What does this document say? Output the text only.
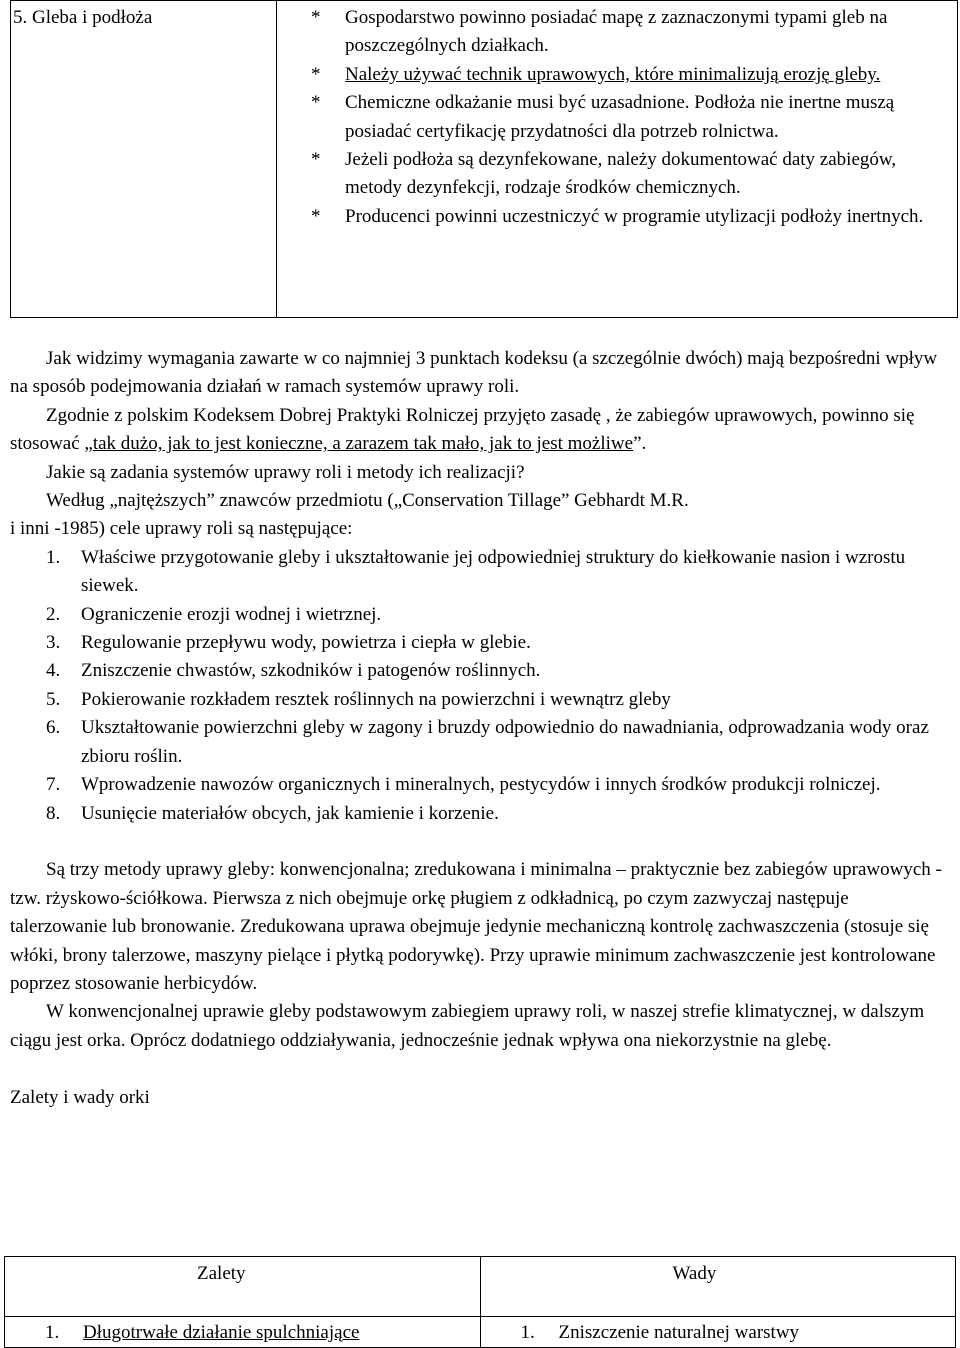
5. Gleba i podłoża	* Gospodarstwo powinno posiadać mapę z zaznaczonymi typami gleb na poszczególnych działkach.
* Należy używać technik uprawowych, które minimalizują erozję gleby.
* Chemiczne odkażanie musi być uzasadnione. Podłoża nie inertne muszą posiadać certyfikację przydatności dla potrzeb rolnictwa.
* Jeżeli podłoża są dezynfekowane, należy dokumentować daty zabiegów, metody dezynfekcji, rodzaje środków chemicznych.
* Producenci powinni uczestniczyć w programie utylizacji podłoży inertnych.

Jak widzimy wymagania zawarte w co najmniej 3 punktach kodeksu (a szczególnie dwóch) mają bezpośredni wpływ na sposób podejmowania działań w ramach systemów uprawy roli.

Zgodnie z polskim Kodeksem Dobrej Praktyki Rolniczej przyjęto zasadę , że zabiegów uprawowych, powinno się stosować „tak dużo, jak to jest konieczne, a zarazem tak mało, jak to jest możliwe”.

Jakie są zadania systemów uprawy roli i metody ich realizacji?

Według „najtęższych” znawców przedmiotu („Conservation Tillage” Gebhardt M.R.

i inni -1985) cele uprawy roli są następujące:

1. Właściwe przygotowanie gleby i ukształtowanie jej odpowiedniej struktury do kiełkowanie nasion i wzrostu siewek.
2. Ograniczenie erozji wodnej i wietrznej.
3. Regulowanie przepływu wody, powietrza i ciepła w glebie.
4. Zniszczenie chwastów, szkodników i patogenów roślinnych.
5. Pokierowanie rozkładem resztek roślinnych na powierzchni i wewnątrz gleby
6. Ukształtowanie powierzchni gleby w zagony i bruzdy odpowiednio do nawadniania, odprowadzania wody oraz zbioru roślin.
7. Wprowadzenie nawozów organicznych i mineralnych, pestycydów i innych środków produkcji rolniczej.
8. Usunięcie materiałów obcych, jak kamienie i korzenie.

Są trzy metody uprawy gleby: konwencjonalna; zredukowana i minimalna – praktycznie bez zabiegów uprawowych - tzw. rżyskowo-ściółkowa. Pierwsza z nich obejmuje orkę pługiem z odkładnicą, po czym zazwyczaj następuje talerzowanie lub bronowanie. Zredukowana uprawa obejmuje jedynie mechaniczną kontrolę zachwaszczenia (stosuje się włóki, brony talerzowe, maszyny pielące i płytką podorywkę). Przy uprawie minimum zachwaszczenie jest kontrolowane poprzez stosowanie herbicydów.

W konwencjonalnej uprawie gleby podstawowym zabiegiem uprawy roli, w naszej strefie klimatycznej, w dalszym ciągu jest orka. Oprócz dodatniego oddziaływania, jednocześnie jednak wpływa ona niekorzystnie na glebę.

Zalety i wady orki

Zalety	Wady
1. Długotrwałe działanie spulchniające	1. Zniszczenie naturalnej warstwy
